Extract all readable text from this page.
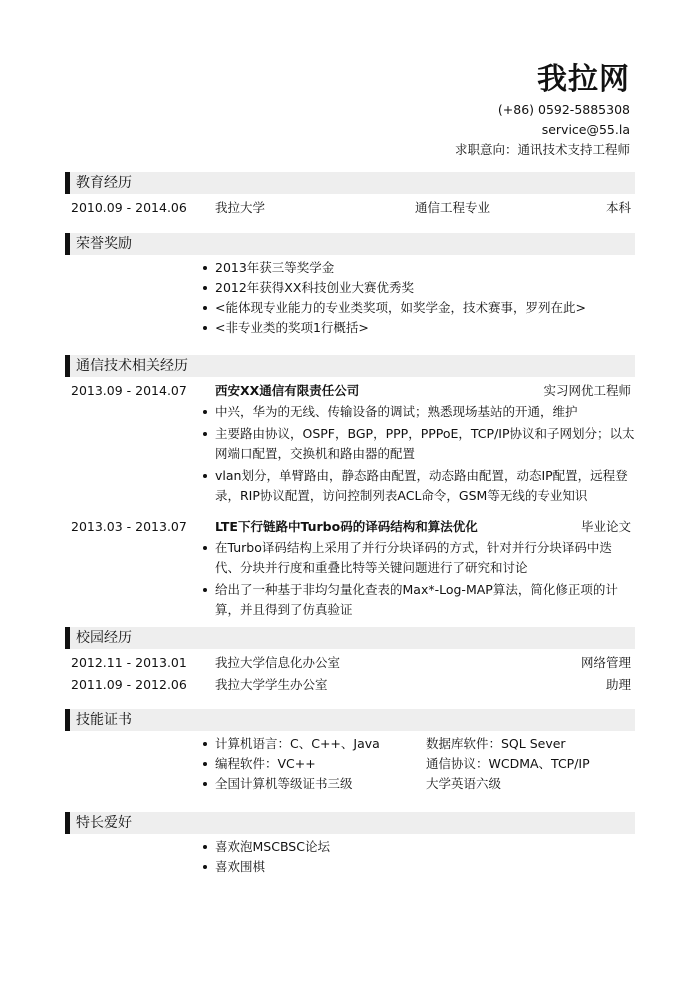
我拉网
(+86) 0592-5885308
service@55.la
求职意向：通讯技术支持工程师
教育经历
2010.09 - 2014.06 我拉大学	通信工程专业	本科
荣誉奖励
2013年获三等奖学金
2012年获得XX科技创业大赛优秀奖
<能体现专业能力的专业类奖项，如奖学金，技术赛事，罗列在此>
<非专业类的奖项1行概括>
通信技术相关经历
2013.09 - 2014.07 西安XX通信有限责任公司	实习网优工程师
中兴，华为的无线、传输设备的调试；熟悉现场基站的开通，维护
主要路由协议，OSPF，BGP，PPP，PPPoE，TCP/IP协议和子网划分；以太网端口配置，交换机和路由器的配置
vlan划分，单臂路由，静态路由配置，动态路由配置，动态IP配置，远程登录，RIP协议配置，访问控制列表ACL命令，GSM等无线的专业知识
2013.03 - 2013.07 LTE下行链路中Turbo码的译码结构和算法优化	毕业论文
在Turbo译码结构上采用了并行分块译码的方式，针对并行分块译码中迭代、分块并行度和重叠比特等关键问题进行了研究和讨论
给出了一种基于非均匀量化查表的Max*-Log-MAP算法，简化修正项的计算，并且得到了仿真验证
校园经历
2012.11 - 2013.01 我拉大学信息化办公室	网络管理
2011.09 - 2012.06 我拉大学学生办公室	助理
技能证书
计算机语言：C、C++、Java	数据库软件：SQL Sever
编程软件：VC++	通信协议：WCDMA、TCP/IP
全国计算机等级证书三级	大学英语六级
特长爱好
喜欢泡MSCBSC论坛
喜欢围棋
